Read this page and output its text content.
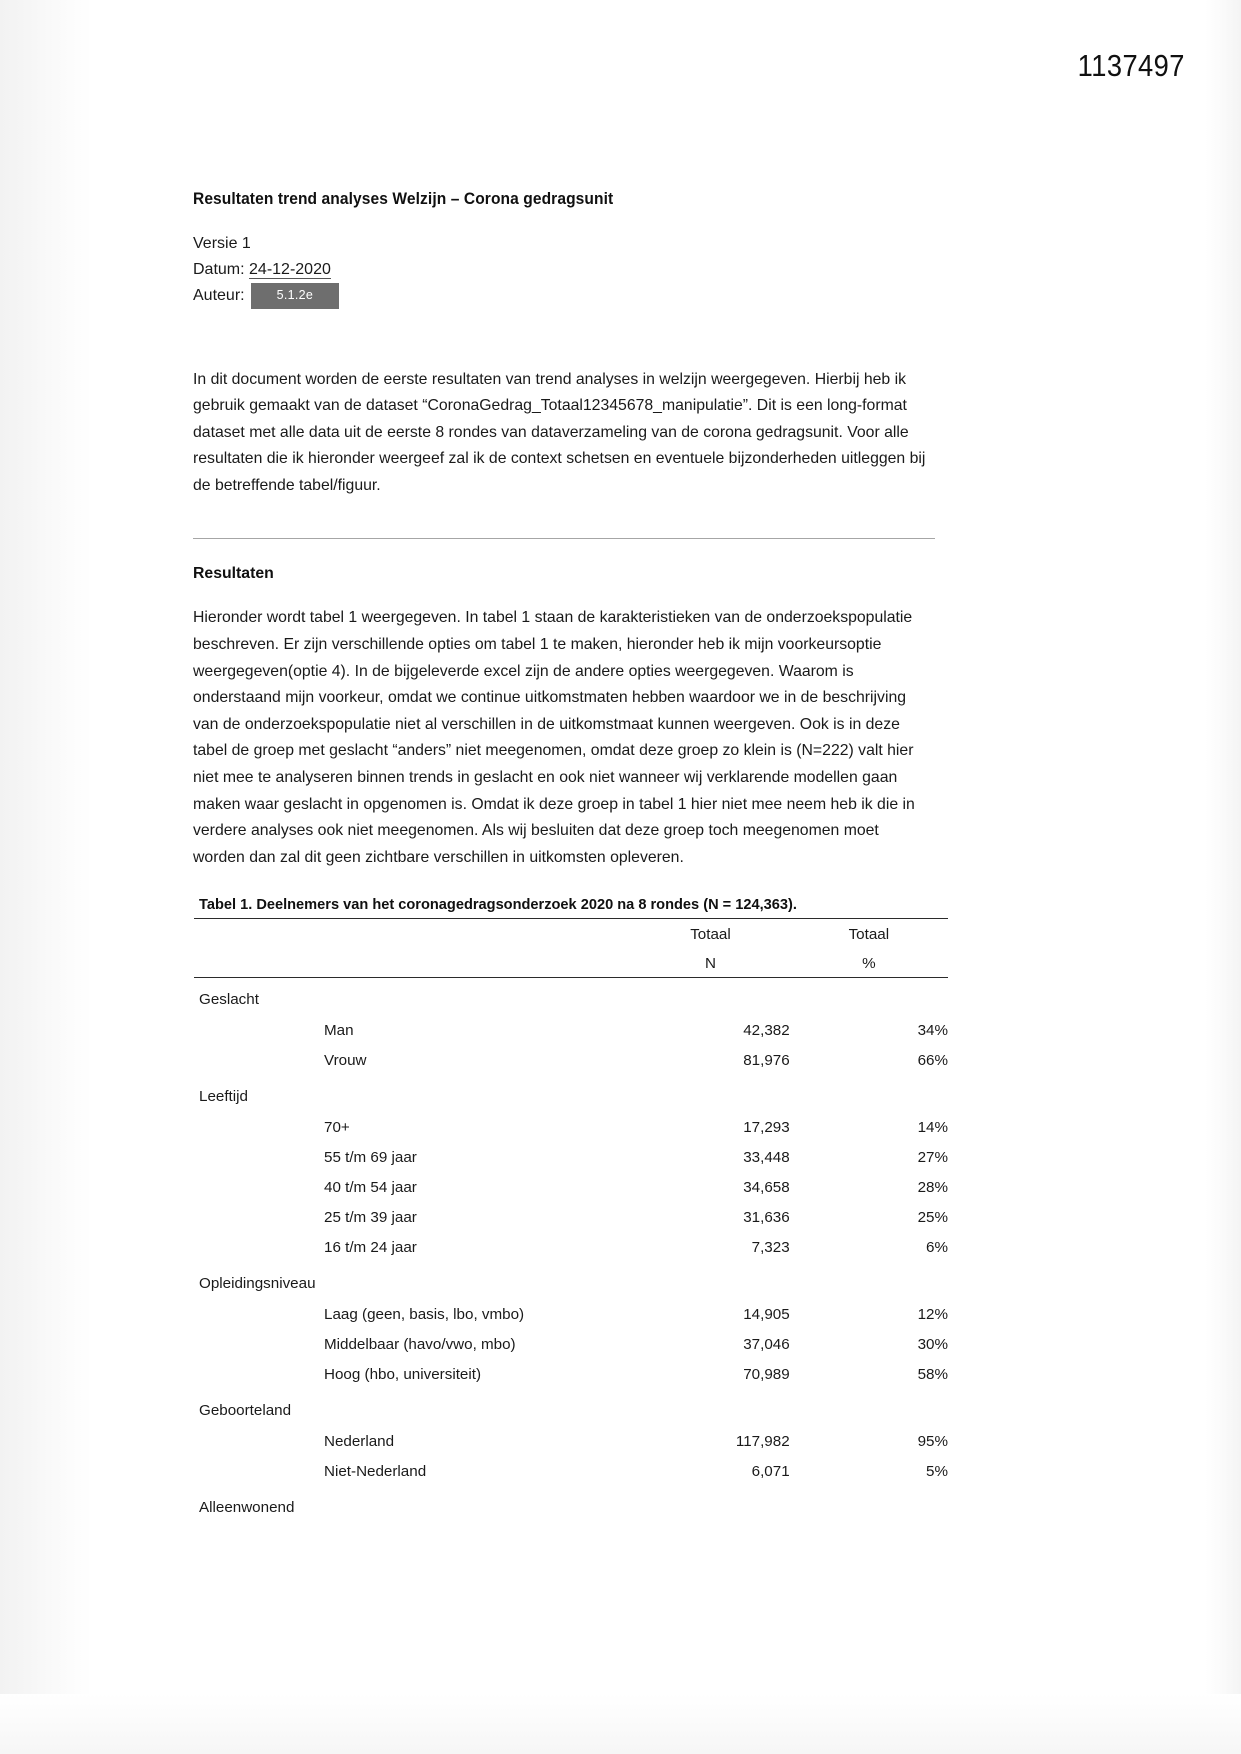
1137497
Resultaten trend analyses Welzijn – Corona gedragsunit
Versie 1
Datum: 24-12-2020
Auteur:	5.1.2e

In dit document worden de eerste resultaten van trend analyses in welzijn weergegeven. Hierbij heb ik gebruik gemaakt van de dataset “CoronaGedrag_Totaal12345678_manipulatie”. Dit is een long-format dataset met alle data uit de eerste 8 rondes van dataverzameling van de corona gedragsunit. Voor alle resultaten die ik hieronder weergeef zal ik de context schetsen en eventuele bijzonderheden uitleggen bij de betreffende tabel/figuur.

Resultaten

Hieronder wordt tabel 1 weergegeven. In tabel 1 staan de karakteristieken van de onderzoekspopulatie beschreven. Er zijn verschillende opties om tabel 1 te maken, hieronder heb ik mijn voorkeursoptie weergegeven(optie 4). In de bijgeleverde excel zijn de andere opties weergegeven. Waarom is onderstaand mijn voorkeur, omdat we continue uitkomstmaten hebben waardoor we in de beschrijving van de onderzoekspopulatie niet al verschillen in de uitkomstmaat kunnen weergeven. Ook is in deze tabel de groep met geslacht “anders” niet meegenomen, omdat deze groep zo klein is (N=222) valt hier niet mee te analyseren binnen trends in geslacht en ook niet wanneer wij verklarende modellen gaan maken waar geslacht in opgenomen is. Omdat ik deze groep in tabel 1 hier niet mee neem heb ik die in verdere analyses ook niet meegenomen. Als wij besluiten dat deze groep toch meegenomen moet worden dan zal dit geen zichtbare verschillen in uitkomsten opleveren.

Tabel 1. Deelnemers van het coronagedragsonderzoek 2020 na 8 rondes (N = 124,363).
	Totaal	Totaal
	N	%

Geslacht		
Man	42,382	34%
Vrouw	81,976	66%
Leeftijd		
70+	17,293	14%
55 t/m 69 jaar	33,448	27%
40 t/m 54 jaar	34,658	28%
25 t/m 39 jaar	31,636	25%
16 t/m 24 jaar	7,323	6%
Opleidingsniveau		
Laag (geen, basis, lbo, vmbo)	14,905	12%
Middelbaar (havo/vwo, mbo)	37,046	30%
Hoog (hbo, universiteit)	70,989	58%
Geboorteland		
Nederland	117,982	95%
Niet-Nederland	6,071	5%
Alleenwonend		
